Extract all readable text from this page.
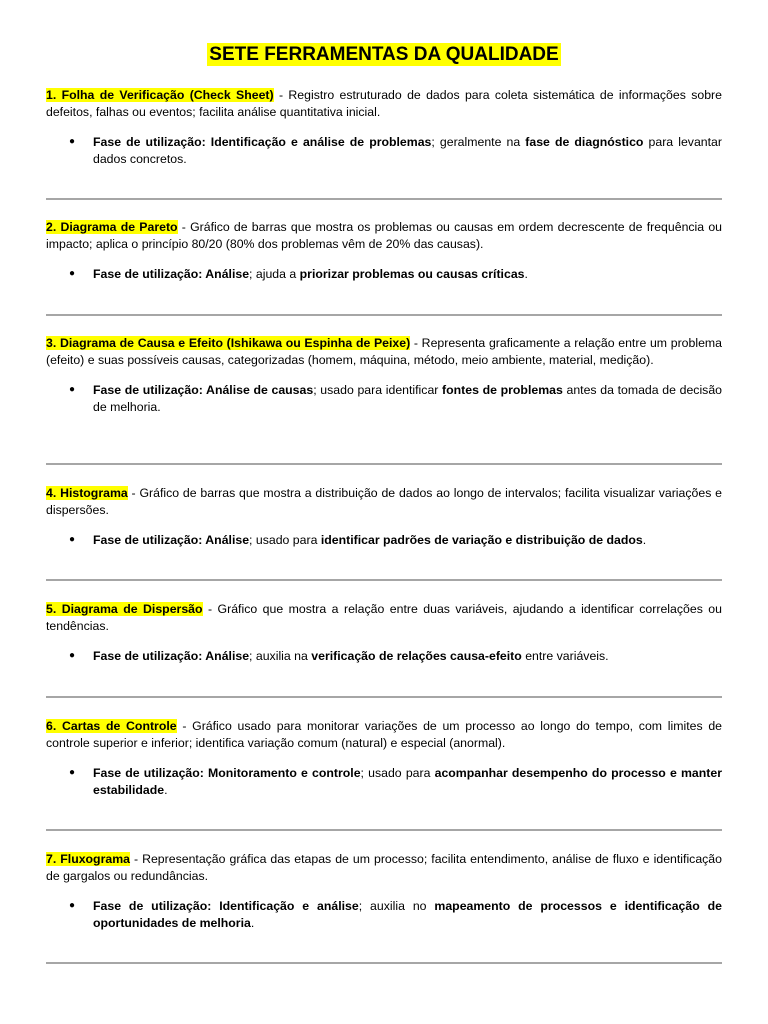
SETE FERRAMENTAS DA QUALIDADE

1. Folha de Verificação (Check Sheet) - Registro estruturado de dados para coleta sistemática de informações sobre defeitos, falhas ou eventos; facilita análise quantitativa inicial.

● Fase de utilização: Identificação e análise de problemas; geralmente na fase de diagnóstico para levantar dados concretos.

2. Diagrama de Pareto - Gráfico de barras que mostra os problemas ou causas em ordem decrescente de frequência ou impacto; aplica o princípio 80/20 (80% dos problemas vêm de 20% das causas).

● Fase de utilização: Análise; ajuda a priorizar problemas ou causas críticas.

3. Diagrama de Causa e Efeito (Ishikawa ou Espinha de Peixe) - Representa graficamente a relação entre um problema (efeito) e suas possíveis causas, categorizadas (homem, máquina, método, meio ambiente, material, medição).

● Fase de utilização: Análise de causas; usado para identificar fontes de problemas antes da tomada de decisão de melhoria.

4. Histograma - Gráfico de barras que mostra a distribuição de dados ao longo de intervalos; facilita visualizar variações e dispersões.

● Fase de utilização: Análise; usado para identificar padrões de variação e distribuição de dados.

5. Diagrama de Dispersão - Gráfico que mostra a relação entre duas variáveis, ajudando a identificar correlações ou tendências.

● Fase de utilização: Análise; auxilia na verificação de relações causa-efeito entre variáveis.

6. Cartas de Controle - Gráfico usado para monitorar variações de um processo ao longo do tempo, com limites de controle superior e inferior; identifica variação comum (natural) e especial (anormal).

● Fase de utilização: Monitoramento e controle; usado para acompanhar desempenho do processo e manter estabilidade.

7. Fluxograma - Representação gráfica das etapas de um processo; facilita entendimento, análise de fluxo e identificação de gargalos ou redundâncias.

● Fase de utilização: Identificação e análise; auxilia no mapeamento de processos e identificação de oportunidades de melhoria.
